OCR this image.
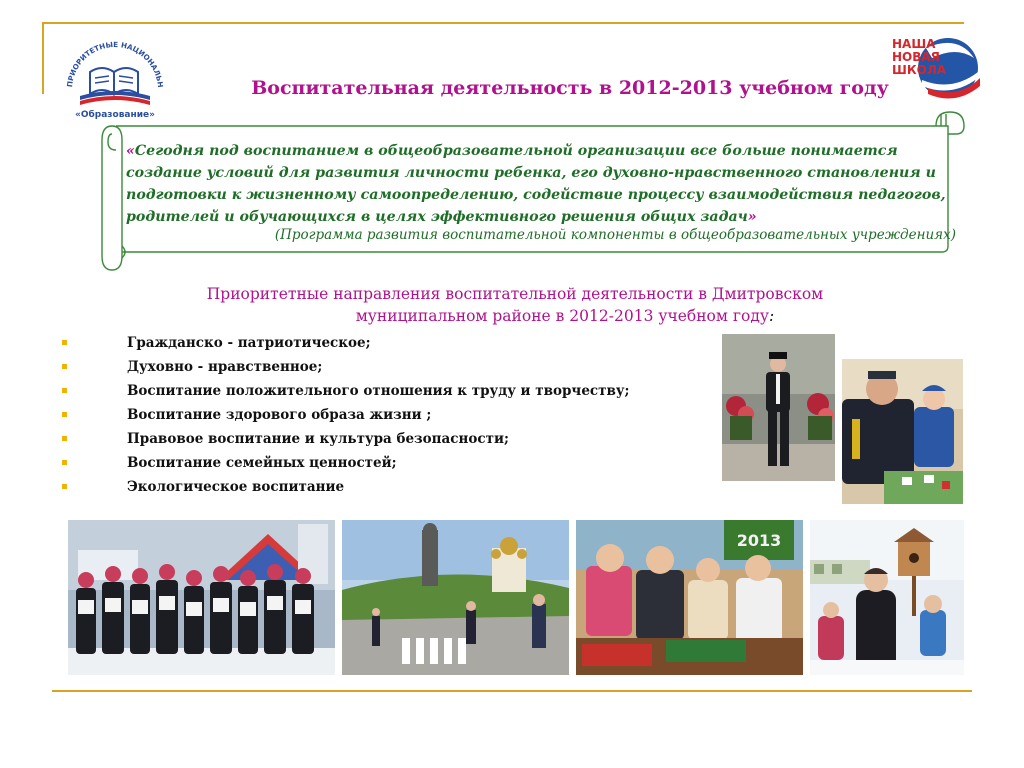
ПРИОРИТЕТНЫЕ НАЦИОНАЛЬН
«Образование»
Воспитательная деятельность в 2012-2013 учебном году
НАША
НОВАЯ
ШКОЛА
«Сегодня под воспитанием в общеобразовательной организации все больше понимается создание условий для развития личности ребенка, его духовно-нравственного становления и подготовки к жизненному самоопределению, содействие процессу взаимодействия педагогов, родителей и обучающихся в целях эффективного решения общих задач»
(Программа развития воспитательной компоненты в общеобразовательных учреждениях)
Приоритетные направления воспитательной деятельности в Дмитровском
муниципальном районе в 2012-2013 учебном году:
Гражданско - патриотическое;
Духовно - нравственное;
Воспитание положительного отношения к труду и творчеству;
Воспитание здорового образа жизни ;
Правовое воспитание и культура безопасности;
Воспитание семейных ценностей;
Экологическое воспитание
2013
